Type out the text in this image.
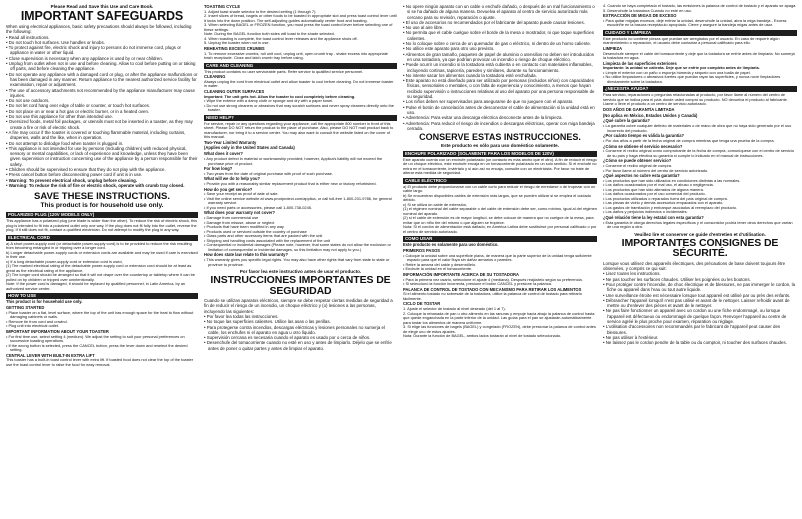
Please Read and Save this Use and Care Book.
IMPORTANT SAFEGUARDS
When using electrical appliances, basic safety precautions should always be followed, including the following:
• Read all instructions.
• Do not touch hot surfaces. Use handles or knobs.
• To protect against fire, electric shock and injury to persons do not immerse cord, plugs or appliance in water or other liquid.
• Close supervision is necessary when any appliance is used by or near children.
• Unplug from outlet when not in use and before cleaning. Allow to cool before putting on or taking off parts, and before cleaning the appliance.
• Do not operate any appliance with a damaged cord or plug, or after the appliance malfunctions or has been damaged in any manner. Return appliance to the nearest authorized service facility for examination, repair or adjustment.
• The use of accessory attachments not recommended by the appliance manufacturer may cause injuries.
• Do not use outdoors.
• Do not let cord hang over edge of table or counter, or touch hot surfaces.
• Do not place on or near a hot gas or electric burner, or in a heated oven.
• Do not use this appliance for other than intended use.
• Oversized foods, metal foil packages, or utensils must not be inserted in a toaster, as they may create a fire or risk of electric shock.
• A fire may occur if the toaster is covered or touching flammable material, including curtains, draperies, walls and the like, when in operation.
• Do not attempt to dislodge food when toaster is plugged in.
• This appliance is not intended for use by persons (including children) with reduced physical, sensory or mental capabilities, or lack of experience and knowledge, unless they have been given supervision or instruction concerning use of the appliance by a person responsible for their safety.
• Children should be supervised to ensure that they do not play with the appliance.
• Press cancel button before disconnecting power cord if unit is in use.
• Warning: To prevent electrical shock, unplug before cleaning.
• Warning: To reduce the risk of fire or electric shock, operate with crumb tray closed.
SAVE THESE INSTRUCTIONS.
This product is for household use only.
POLARIZED PLUG (120V MODELS ONLY)
This appliance has a polarized plug (one blade is wider than the other). To reduce the risk of electric shock, this plug is intended to fit into a polarized outlet only one way. If the plug does not fit fully into the outlet, reverse the plug. If it still does not fit, contact a qualified electrician. Do not attempt to modify the plug in any way.
ELECTRICAL CORD
a) A short power-supply cord (or detachable power-supply cord) is to be provided to reduce the risk resulting from becoming entangled in or tripping over a longer cord.
b) Longer detachable power-supply cords or extension cords are available and may be used if care is exercised in their use.
c) If a long detachable power-supply cord or extension cord is used,
(1) The marked electrical rating of the detachable power-supply cord or extension cord should be at least as great as the electrical rating of the appliance,
(2) The longer cord should be arranged so that it will not drape over the countertop or tabletop where it can be pulled on by children or tripped over unintentionally.
Note: If the power cord is damaged, it should be replaced by qualified personnel; in Latin America, by an authorized service center.
HOW TO USE
This product is for household use only.
GETTING STARTED
• Place toaster on a flat, level surface, where the top of the unit has enough space for the heat to flow without damaging cabinets or walls.
• Remove tie from cord and unwind.
• Plug unit into electrical outlet.
IMPORTANT INFORMATION ABOUT YOUR TOASTER
• For first time use, select setting 4 (medium). We adjust the setting to suit your personal preferences on successive toasting operations.
• If the wrong button is selected, press the CANCEL button, press the lever down and reselect the desired setting.
CENTRAL LEVER WITH BUILT-IN EXTRA LIFT
This toaster has a built-in toast control lever with extra lift. If toasted food does not clear the top of the toaster use the toast control lever to raise the food for easy removal.
TOASTING CYCLE
1. Adjust toast shade selector to the desired setting (1 through 7).
2. Insert slices of bread, bagels or other foods to be toasted in appropriate slot and press toast control lever until it locks into the down position. The self-adjusting guides automatically center food and toasting.
3. When selecting BAGEL or FROZEN function, you must press the toast control lever before selecting one of these settings.
Note: During the BAGEL function both sides will toast to the shade selected.
4. When toasting is complete, the toast control lever releases and the appliance shuts off.
5. Unplug the toaster when not in use.
REHEATING EXCESS CRUMBS
1. To remove excessive crumbs, roll unit cool, unplug unit, open crumb tray - shake excess into appropriate trash receptacle. Close and latch crumb tray before using.
CARE AND CLEANING
This product contains no user serviceable parts. Refer service to qualified service personnel.
CLEANING
Always unplug the cord from electrical outlet and allow toaster to cool before cleaning. Do not immerse toaster in water.
CLEANING OUTER SURFACES
Important: The unit gets hot. Allow the toaster to cool completely before cleaning.
• Wipe the exterior with a damp cloth or sponge and dry with a paper towel.
• Do not use strong cleaners or abrasives that may scratch surfaces and never spray cleaners directly onto the toaster.
NEED HELP?
For service, repair or any questions regarding your appliance, call the appropriate 800 number in front of this sheet. Please DO NOT return the product to the place of purchase. Also, please DO NOT mail product back to manufacturer, nor bring it to a service center. You may also want to consult the website listed on the cover of this manual.
Two-Year Limited Warranty
(Applies only in the United States and Canada)
What does it cover?
• Any product defect in material or workmanship provided; however, Applica's liability will not exceed the purchase price of product.
For how long?
• Two years from the date of original purchase with proof of such purchase.
What will we do to help you?
• Provide you with a reasonably similar replacement product that is either new or factory refurbished.
How do you get service?
• Save your receipt as proof of date of sale.
• Visit the online service website at www.prodprotect.com/applica, or call toll-free 1-800-231-9786, for general warranty service.
• If you need parts or accessories, please call 1-800-738-0245.
What does your warranty not cover?
• Damage from commercial use
• Damage from misuse, abuse or neglect
• Products that have been modified in any way
• Products used or serviced outside the country of purchase
• Glass parts and other accessory items that are packed with the unit
• Shipping and handling costs associated with the replacement of the unit
• Consequential or incidental damages (Please note, however, that some states do not allow the exclusion or limitation of consequential or incidental damages, so this limitation may not apply to you.)
How does state law relate to this warranty?
• This warranty gives you specific legal rights. You may also have other rights that vary from state to state or province to province.
Por favor lea este instructivo antes de usar el producto.
INSTRUCCIONES IMPORTANTES DE SEGURIDAD
Cuando se utilizan aparatos eléctricos, siempre se debe respetar ciertas medidas de seguridad a fin de reducir el riesgo de un incendio, un choque eléctrico y (o) lesiones a las personas, incluyendo las siguientes:
• Por favor lea todas las instrucciones.
• No toque las superficies calientes. Utilice las asas o las perillas.
• Para protegerse contra incendios, descargas eléctricas y lesiones personales no sumerja el cable, los enchufes ni el aparato en agua u otro líquido.
• Supervisión cercana es necesaria cuando el aparato es usado por o cerca de niños.
• Desenchufe del tomacorriente cuando no esté en uso y antes de limpiarlo. Déjelo que se enfríe antes de poner o quitar partes y antes de limpiar el aparato.
• No opere ningún aparato con un cable o enchufe dañado, o después de un mal funcionamiento o si se ha dañado de alguna manera. Devuelva el aparato al centro de servicio autorizado más cercano para su revisión, reparación o ajuste.
• El uso de accesorios no recomendados por el fabricante del aparato puede causar lesiones.
• No use al aire libre.
• No permita que el cable cuelgue sobre el borde de la mesa o mostrador, ni que toque superficies calientes.
• No lo coloque sobre o cerca de un quemador de gas o eléctrico, ni dentro de un horno caliente.
• No utilice este aparato para otro uso previsto.
• Alimentos de gran tamaño, paquetes de papel de aluminio o utensilios no deben ser introducidos en una tostadora, ya que podrían provocar un incendio o riesgo de choque eléctrico.
• Puede ocurrir un incendio si la tostadora está cubierta o en contacto con materiales inflamables, incluyendo cortinas, tapicería, paredes y similares, durante su funcionamiento.
• No intente sacar los alimentos cuando la tostadora esté enchufada.
• Este aparato no está diseñado para ser utilizado por personas (incluidos niños) con capacidades físicas, sensoriales o mentales, o con falta de experiencia y conocimiento, a menos que hayan recibido supervisión o instrucciones relativas al uso del aparato por una persona responsable de su seguridad.
• Los niños deben ser supervisados para asegurarse de que no jueguen con el aparato.
• Pulse el botón de cancelación antes de desconectar el cable de alimentación si la unidad está en uso.
• Advertencia: Para evitar una descarga eléctrica desconecte antes de la limpieza.
• Advertencia: Para reducir el riesgo de incendios o descargas eléctricas, operar con miga bandeja cerrada.
CONSERVE ESTAS INSTRUCCIONES.
Este producto es sólo para uso doméstico solamente.
ENCHUFE POLARIZADO (SOLAMENTE PARA LOS MODELOS DE 120V)
Este aparato cuenta con un enchufe polarizado (un contacto es más ancho que el otro). A fin de reducir el riesgo de un choque eléctrico, este enchufe encaja en un tomacorriente polarizado en un solo sentido. Si el enchufe no entra en el tomacorriente, inviértalo y si aún así no encaja, consulte con un electricista. Por favor no trate de alterar esta medida de seguridad.
CABLE ELÉCTRICO
a) El producto debe proporcionarse con un cable corto para reducir el riesgo de enredarse o de tropezar con un cable largo.
b) Se encuentran disponibles cables de extensión más largos, que se pueden utilizar si se emplea el cuidado debido.
c) Si se utiliza un cable de extensión,
(1) el régimen nominal del cable separable o del cable de extensión debe ser, como mínimo, igual al del régimen nominal del aparato.
(2) si el cable de extensión es de mayor longitud, se debe colocar de manera que no cuelgue de la mesa, para evitar que un niño tire del mismo o que alguien se tropiece.
Nota: Si el cordón de alimentación está dañado, en América Latina debe sustituirse por personal calificado o por el centro de servicio autorizado.
COMO USAR
Este producto es solamente para uso doméstico.
PRIMEROS PASOS
• Coloque la unidad sobre una superficie plana, de manera que la parte superior de la unidad tenga suficiente espacio para que el calor fluya sin dañar armarios o paredes.
• Retire la amarra del cable y desenróllelo.
• Enchufe la unidad en el tomacorriente.
INFORMACIÓN IMPORTANTE ACERCA DE SU TOSTADORA
• Para la primera vez usarlo, seleccione el ajuste 4 (mediana). Después reajústelo según su preferencia.
• Si seleccionó la función incorrecta, presione el botón CANCEL y presione la palanca.
PALANCA DE CONTROL DE TOSTADO CON MECANISMO PARA RETIRAR LOS ALIMENTOS
Si el alimento tostado no sobresale de la tostadora, utilice la palanca de control de tostado para retirarlo fácilmente.
CICLO DE TOSTAR
1. Ajuste el selector de tostado al nivel deseado (del 1 al 7).
2. Coloque la rebanada de pan u otro alimento en las ranuras y empuje hacia abajo la palanca de control hasta que quede enganchada en la parte inferior de la unidad. Las guías para el pan se ajustarán automáticamente para tostar los alimentos de manera uniforme.
3. Si elige las funciones de bagels (BAGEL) y congelado (FROZEN), debe presionar la palanca de control antes de elegir uno de estos ajustes.
Nota: Durante la función de BAGEL, ambos lados tostarán al nivel de tostado seleccionado.
4. Cuando se haya completado el tostado, las emisiones la palanca de control de tostado y el aparato se apaga.
5. Desenchufe la tostadora Cuando no esté en uso.
EXTRACCIÓN DE MIGAS DE EXCESO
• Para quitar migajas excesos, deje enfriar la unidad, desenchufe la unidad, abra la miga bandeja - Excess escudriñe en la basura receptáculo apropiado. Cierre y asegure la bandeja migas antes de usar.
CUIDADO Y LIMPIEZA
Este producto no contiene piezas que puedan ser arreglados por el usuario. En caso de requerir algún mantenimiento o reparación, el usuario debe contactar a personal calificado para ello.
LIMPIEZA
Desenchufe siempre el cable del tomacorriente y deje que la tostadora se enfríe antes de limpiarla. No sumerja la tostadora en agua.
Limpieza de las superficies exteriores
Importante: la unidad se calienta. Deje que se enfríe por completo antes de limpiarla.
• Limpie el exterior con un paño o esponja húmeda y séquelo con una toalla de papel.
• No utilice limpiadores o abrasivos fuertes que puedan rayar las superficies, y nunca rocíe limpiadores directamente sobre la tostadora.
¿NECESITA AYUDA?
Para servicio, reparaciones o preguntas relacionadas al producto, por favor llame al número del centro de servicio que se indica para el país donde usted compró su producto. NO devuelva el producto al fabricante. Llame o lleve el producto a un centro de servicio autorizado.
DOS AÑOS DE GARANTÍA LIMITADA
(No aplica en México, Estados Unidos y Canadá)
¿Qué cubre la garantía?
• La garantía cubre cualquier defecto de materiales o de mano de obra que no haya sido generado por el uso incorrecto del producto.
¿Por cuánto tiempo es válida la garantía?
• Por dos años a partir de la fecha original de compra mientras que tenga una prueba de la compra.
¿Cómo se obtiene el servicio necesario?
• Conserve el recibo original como comprobante de la fecha de compra, comuníquese con el centro de servicio de su país y haga efectiva su garantía si cumple lo indicado en el manual de instrucciones.
¿Cómo se puede obtener servicio?
• Conserve el recibo original de compra.
• Por favor llame al número del centro de servicio autorizado.
¿Qué aspectos no cubre esta garantía?
• Los productos que han sido utilizados en condiciones distintas a las normales.
• Los daños ocasionados por el mal uso, el abuso o negligencia.
• Los productos que han sido alterados de alguna manera.
• Los daños ocasionados por el uso comercial del producto.
• Los productos utilizados o reparados fuera del país original de compra.
• Las piezas de vidrio y demás accesorios empacados con el aparato.
• Los gastos de tramitación y embarque asociados al reemplazo del producto.
• Los daños y perjuicios indirectos o incidentales.
¿Qué relación tiene la ley estatal con esta garantía?
• Esta garantía le otorga derechos legales específicos y el consumidor podría tener otros derechos que varían de una región a otra.
Veuillez lire et conserver ce guide d'entretien et d'utilisation.
IMPORTANTES CONSIGNES DE SÉCURITÉ.
Lorsque vous utilisez des appareils électriques, des précautions de base doivent toujours être observées, y compris ce qui suit:
• Lisez toutes les instructions.
• Ne pas toucher les surfaces chaudes. Utiliser les poignées ou les boutons.
• Pour protéger contre l'incendie, de choc électrique et de blessures, ne pas immerger le cordon, la fiche ou appareil dans l'eau ou tout autre liquide.
• Une surveillance étroite est nécessaire lorsque tout appareil est utilisé par ou près des enfants.
• Débrancher l'appareil lorsqu'il n'est pas utilisé et avant de le nettoyer. Laisser refroidir avant de mettre ou d'enlever des pièces et avant de le nettoyer.
• Ne pas faire fonctionner un appareil avec un cordon ou une fiche endommagé, ou lorsque l'appareil est défectueux ou endommagé de quelque façon. Renvoyer l'appareil au centre de service agréé le plus proche pour examen, réparation ou réglage.
• L'utilisation d'accessoires non recommandés par le fabricant de l'appareil peut causer des blessures.
• Ne pas utiliser à l'extérieur.
• Ne laissez pas le cordon pendre de la table ou du comptoir, ni toucher des surfaces chaudes.
